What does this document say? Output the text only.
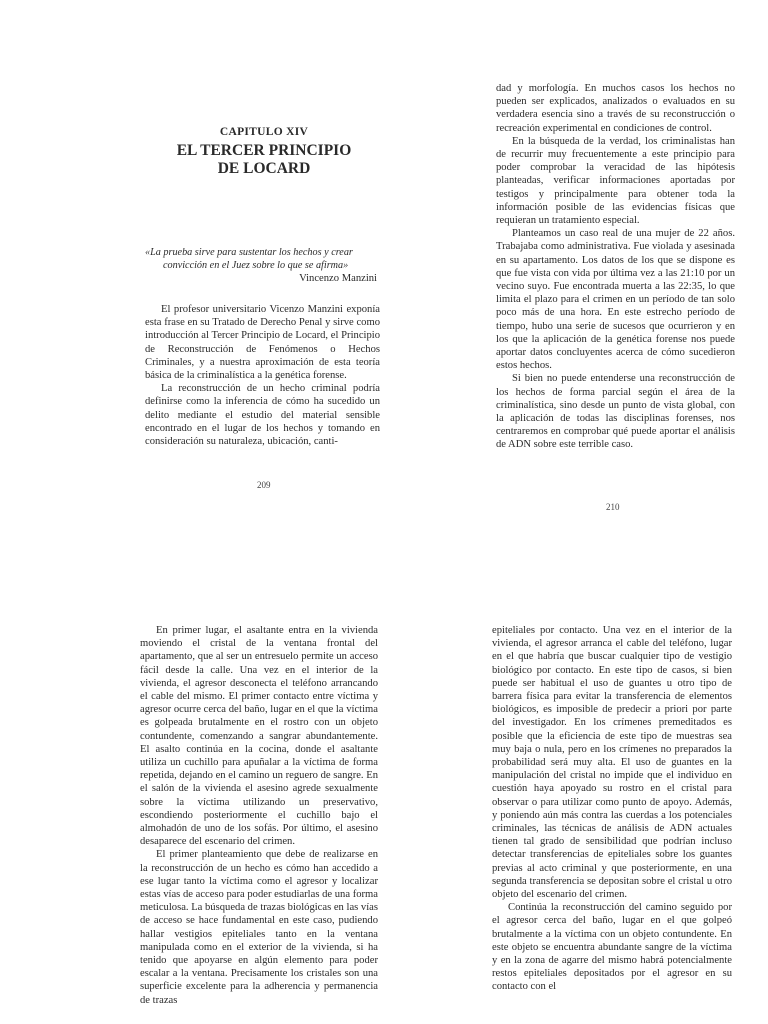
CAPITULO XIV

EL TERCER PRINCIPIO

DE LOCARD

«La prueba sirve para sustentar los hechos y crear

convicción en el Juez sobre lo que se afirma»

Vincenzo Manzini

El profesor universitario Vicenzo Manzini exponía esta frase en su Tratado de Derecho Penal y sirve como introducción al Tercer Principio de Locard, el Principio de Reconstrucción de Fenómenos o Hechos Criminales, y a nuestra aproximación de esta teoría básica de la criminalística a la genética forense.

La reconstrucción de un hecho criminal podría definirse como la inferencia de cómo ha sucedido un delito mediante el estudio del material sensible encontrado en el lugar de los hechos y tomando en consideración su naturaleza, ubicación, canti-

209

dad y morfología. En muchos casos los hechos no pueden ser explicados, analizados o evaluados en su verdadera esencia sino a través de su reconstrucción o recreación experimental en condiciones de control.

En la búsqueda de la verdad, los criminalistas han de recurrir muy frecuentemente a este principio para poder comprobar la veracidad de las hipótesis planteadas, verificar informaciones aportadas por testigos y principalmente para obtener toda la información posible de las evidencias físicas que requieran un tratamiento especial.

Planteamos un caso real de una mujer de 22 años. Trabajaba como administrativa. Fue violada y asesinada en su apartamento. Los datos de los que se dispone es que fue vista con vida por última vez a las 21:10 por un vecino suyo. Fue encontrada muerta a las 22:35, lo que limita el plazo para el crimen en un período de tan solo poco más de una hora. En este estrecho período de tiempo, hubo una serie de sucesos que ocurrieron y en los que la aplicación de la genética forense nos puede aportar datos concluyentes acerca de cómo sucedieron estos hechos.

Si bien no puede entenderse una reconstrucción de los hechos de forma parcial según el área de la criminalística, sino desde un punto de vista global, con la aplicación de todas las disciplinas forenses, nos centraremos en comprobar qué puede aportar el análisis de ADN sobre este terrible caso.

210

En primer lugar, el asaltante entra en la vivienda moviendo el cristal de la ventana frontal del apartamento, que al ser un entresuelo permite un acceso fácil desde la calle. Una vez en el interior de la vivienda, el agresor desconecta el teléfono arrancando el cable del mismo. El primer contacto entre víctima y agresor ocurre cerca del baño, lugar en el que la víctima es golpeada brutalmente en el rostro con un objeto contundente, comenzando a sangrar abundantemente. El asalto continúa en la cocina, donde el asaltante utiliza un cuchillo para apuñalar a la víctima de forma repetida, dejando en el camino un reguero de sangre. En el salón de la vivienda el asesino agrede sexualmente sobre la víctima utilizando un preservativo, escondiendo posteriormente el cuchillo bajo el almohadón de uno de los sofás. Por último, el asesino desaparece del escenario del crimen.

El primer planteamiento que debe de realizarse en la reconstrucción de un hecho es cómo han accedido a ese lugar tanto la víctima como el agresor y localizar estas vías de acceso para poder estudiarlas de una forma meticulosa. La búsqueda de trazas biológicas en las vías de acceso se hace fundamental en este caso, pudiendo hallar vestigios epiteliales tanto en la ventana manipulada como en el exterior de la vivienda, si ha tenido que apoyarse en algún elemento para poder escalar a la ventana. Precisamente los cristales son una superficie excelente para la adherencia y permanencia de trazas

epiteliales por contacto. Una vez en el interior de la vivienda, el agresor arranca el cable del teléfono, lugar en el que habría que buscar cualquier tipo de vestigio biológico por contacto. En este tipo de casos, si bien puede ser habitual el uso de guantes u otro tipo de barrera física para evitar la transferencia de elementos biológicos, es imposible de predecir a priori por parte del investigador. En los crímenes premeditados es posible que la eficiencia de este tipo de muestras sea muy baja o nula, pero en los crímenes no preparados la probabilidad será muy alta. El uso de guantes en la manipulación del cristal no impide que el individuo en cuestión haya apoyado su rostro en el cristal para observar o para utilizar como punto de apoyo. Además, y poniendo aún más contra las cuerdas a los potenciales criminales, las técnicas de análisis de ADN actuales tienen tal grado de sensibilidad que podrían incluso detectar transferencias de epiteliales sobre los guantes previas al acto criminal y que posteriormente, en una segunda transferencia se depositan sobre el cristal u otro objeto del escenario del crimen.

Continúa la reconstrucción del camino seguido por el agresor cerca del baño, lugar en el que golpeó brutalmente a la víctima con un objeto contundente. En este objeto se encuentra abundante sangre de la víctima y en la zona de agarre del mismo habrá potencialmente restos epiteliales depositados por el agresor en su contacto con el
